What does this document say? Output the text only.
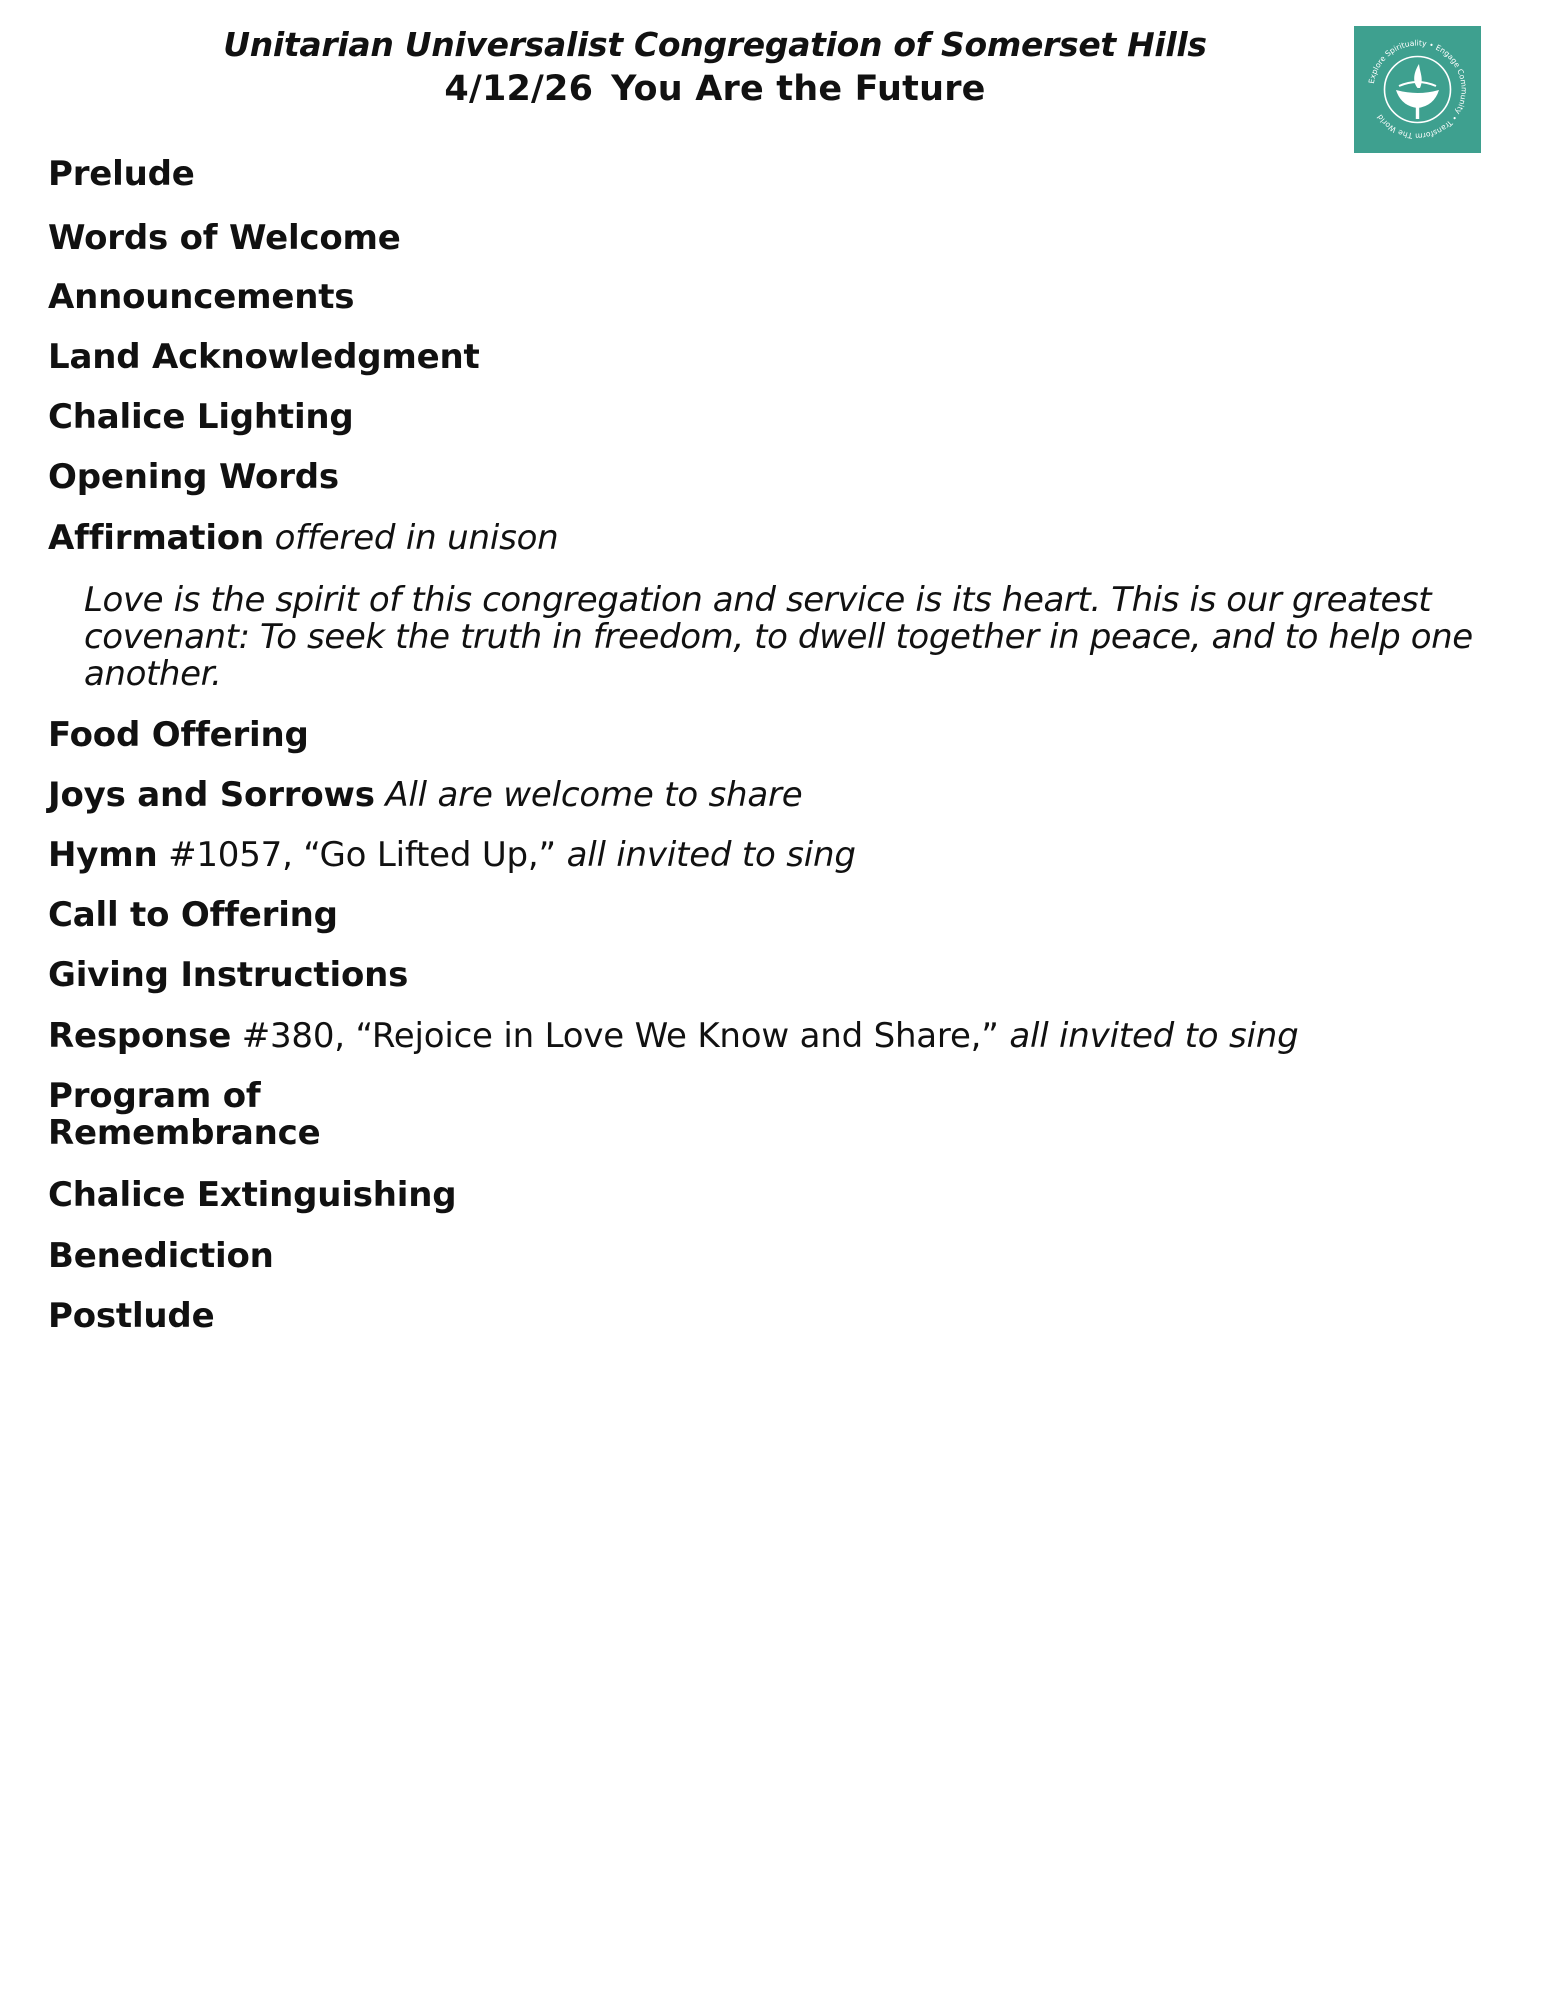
Unitarian Universalist Congregation of Somerset Hills
4/12/26 You Are the Future	Explore Spirituality • Engage Community • Transform The World
Prelude
Words of Welcome
Announcements
Land Acknowledgment
Chalice Lighting
Opening Words
Affirmation offered in unison
Love is the spirit of this congregation and service is its heart. This is our greatest covenant: To seek the truth in freedom, to dwell together in peace, and to help one another.
Food Offering
Joys and Sorrows All are welcome to share
Hymn #1057, “Go Lifted Up,” all invited to sing
Call to Offering
Giving Instructions
Response #380, “Rejoice in Love We Know and Share,” all invited to sing
Program of Remembrance
Chalice Extinguishing
Benediction
Postlude
